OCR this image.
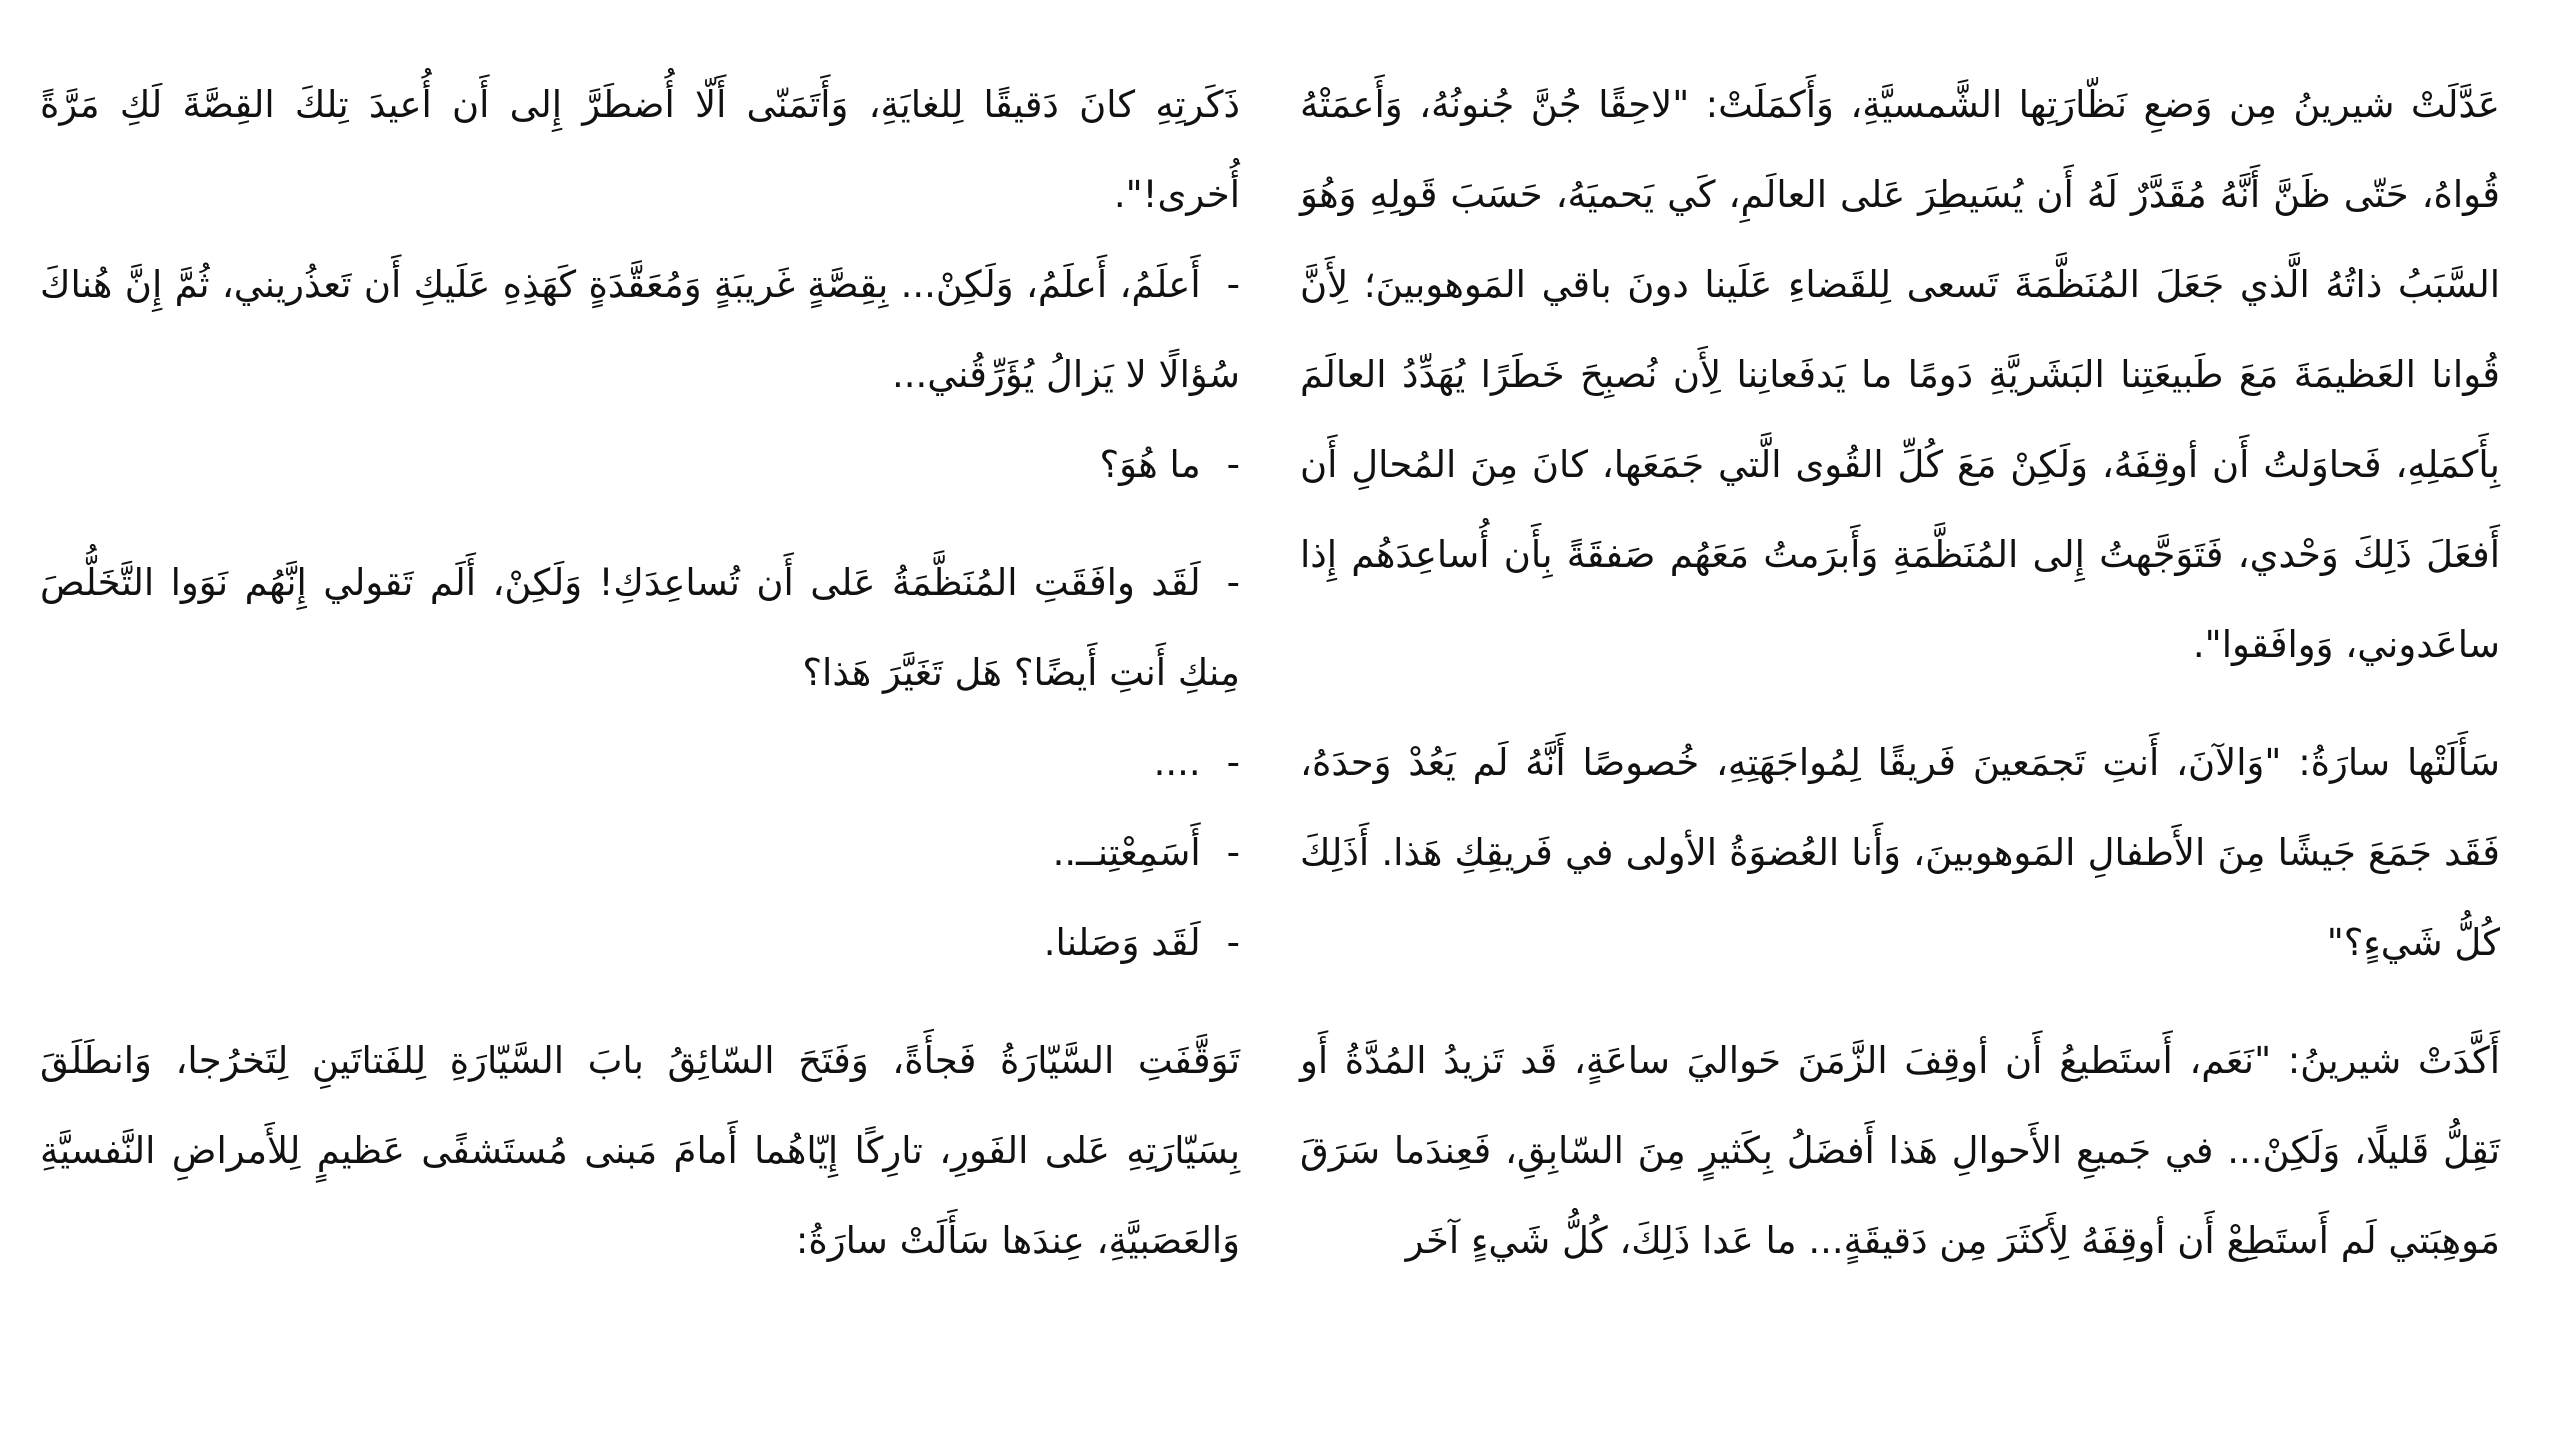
عَدَّلَتْ شيرينُ مِن وَضعِ نَظّارَتِها الشَّمسيَّةِ، وَأَكمَلَتْ: "لاحِقًا جُنَّ جُنونُهُ، وَأَعمَتْهُ قُواهُ، حَتّى ظَنَّ أَنَّهُ مُقَدَّرٌ لَهُ أَن يُسَيطِرَ عَلى العالَمِ، كَي يَحميَهُ، حَسَبَ قَولِهِ وَهُوَ السَّبَبُ ذاتُهُ الَّذي جَعَلَ المُنَظَّمَةَ تَسعى لِلقَضاءِ عَلَينا دونَ باقي المَوهوبينَ؛ لِأَنَّ قُوانا العَظيمَةَ مَعَ طَبيعَتِنا البَشَريَّةِ دَومًا ما يَدفَعانِنا لِأَن نُصبِحَ خَطَرًا يُهَدِّدُ العالَمَ بِأَكمَلِهِ، فَحاوَلتُ أَن أوقِفَهُ، وَلَكِنْ مَعَ كُلِّ القُوى الَّتي جَمَعَها، كانَ مِنَ المُحالِ أَن أَفعَلَ ذَلِكَ وَحْدي، فَتَوَجَّهتُ إِلى المُنَظَّمَةِ وَأَبرَمتُ مَعَهُم صَفقَةً بِأَن أُساعِدَهُم إِذا ساعَدوني، وَوافَقوا".

سَأَلَتْها سارَةُ: "وَالآنَ، أَنتِ تَجمَعينَ فَريقًا لِمُواجَهَتِهِ، خُصوصًا أَنَّهُ لَم يَعُدْ وَحدَهُ، فَقَد جَمَعَ جَيشًا مِنَ الأَطفالِ المَوهوبينَ، وَأَنا العُضوَةُ الأولى في فَريقِكِ هَذا. أَذَلِكَ كُلُّ شَيءٍ؟"

أَكَّدَتْ شيرينُ: "نَعَم، أَستَطيعُ أَن أوقِفَ الزَّمَنَ حَواليَ ساعَةٍ، قَد تَزيدُ المُدَّةُ أَو تَقِلُّ قَليلًا، وَلَكِنْ... في جَميعِ الأَحوالِ هَذا أَفضَلُ بِكَثيرٍ مِنَ السّابِقِ، فَعِندَما سَرَقَ مَوهِبَتي لَم أَستَطِعْ أَن أوقِفَهُ لِأَكثَرَ مِن دَقيقَةٍ... ما عَدا ذَلِكَ، كُلُّ شَيءٍ آخَر

ذَكَرتِهِ كانَ دَقيقًا لِلغايَةِ، وَأَتَمَنّى أَلّا أُضطَرَّ إِلى أَن أُعيدَ تِلكَ القِصَّةَ لَكِ مَرَّةً أُخرى!".

-أَعلَمُ، أَعلَمُ، وَلَكِنْ... بِقِصَّةٍ غَريبَةٍ وَمُعَقَّدَةٍ كَهَذِهِ عَلَيكِ أَن تَعذُريني، ثُمَّ إِنَّ هُناكَ سُؤالًا لا يَزالُ يُؤَرِّقُني...

-ما هُوَ؟

-لَقَد وافَقَتِ المُنَظَّمَةُ عَلى أَن تُساعِدَكِ! وَلَكِنْ، أَلَم تَقولي إِنَّهُم نَوَوا التَّخَلُّصَ مِنكِ أَنتِ أَيضًا؟ هَل تَغَيَّرَ هَذا؟

-....

-أَسَمِعْتِنــ..

-لَقَد وَصَلنا.

تَوَقَّفَتِ السَّيّارَةُ فَجأَةً، وَفَتَحَ السّائِقُ بابَ السَّيّارَةِ لِلفَتاتَينِ لِتَخرُجا، وَانطَلَقَ بِسَيّارَتِهِ عَلى الفَورِ، تارِكًا إِيّاهُما أَمامَ مَبنى مُستَشفًى عَظيمٍ لِلأَمراضِ النَّفسيَّةِ وَالعَصَبيَّةِ، عِندَها سَأَلَتْ سارَةُ:
